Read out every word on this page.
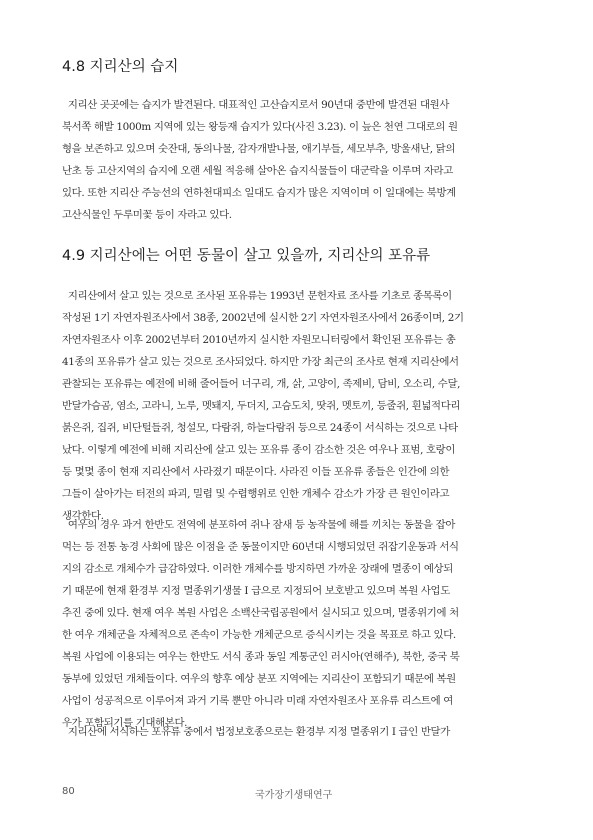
4.8 지리산의 습지
지리산 곳곳에는 습지가 발견된다. 대표적인 고산습지로서 90년대 중반에 발견된 대원사
북서쪽 해발 1000m 지역에 있는 왕등재 습지가 있다(사진 3.23). 이 늪은 천연 그대로의 원
형을 보존하고 있으며 숫잔대, 동의나물, 감자개발나물, 애기부들, 세모부추, 방울새난, 닭의
난초 등 고산지역의 습지에 오랜 세월 적응해 살아온 습지식물들이 대군락을 이루며 자라고
있다. 또한 지리산 주능선의 연하천대피소 일대도 습지가 많은 지역이며 이 일대에는 북방계
고산식물인 두루미꽃 등이 자라고 있다.
4.9 지리산에는 어떤 동물이 살고 있을까, 지리산의 포유류
지리산에서 살고 있는 것으로 조사된 포유류는 1993년 문헌자료 조사를 기초로 종목록이
작성된 1기 자연자원조사에서 38종, 2002년에 실시한 2기 자연자원조사에서 26종이며, 2기
자연자원조사 이후 2002년부터 2010년까지 실시한 자원모니터링에서 확인된 포유류는 총
41종의 포유류가 살고 있는 것으로 조사되었다. 하지만 가장 최근의 조사로 현재 지리산에서
관찰되는 포유류는 예전에 비해 줄어들어 너구리, 개, 삵, 고양이, 족제비, 담비, 오소리, 수달,
반달가슴곰, 염소, 고라니, 노루, 멧돼지, 두더지, 고슴도치, 땃쥐, 멧토끼, 등줄쥐, 흰넓적다리
붉은쥐, 집쥐, 비단털들쥐, 청설모, 다람쥐, 하늘다람쥐 등으로 24종이 서식하는 것으로 나타
났다. 이렇게 예전에 비해 지리산에 살고 있는 포유류 종이 감소한 것은 여우나 표범, 호랑이
등 몇몇 종이 현재 지리산에서 사라졌기 때문이다. 사라진 이들 포유류 종들은 인간에 의한
그들이 살아가는 터전의 파괴, 밀렵 및 수렵행위로 인한 개체수 감소가 가장 큰 원인이라고
생각한다.
여우의 경우 과거 한반도 전역에 분포하여 쥐나 잠새 등 농작물에 해를 끼치는 동물을 잡아
먹는 등 전통 농경 사회에 많은 이점을 준 동물이지만 60년대 시행되었던 쥐잡기운동과 서식
지의 감소로 개체수가 급감하였다. 이러한 개체수를 방지하면 가까운 장래에 멸종이 예상되
기 때문에 현재 환경부 지정 멸종위기생물 I 급으로 지정되어 보호받고 있으며 복원 사업도
추진 중에 있다. 현재 여우 복원 사업은 소백산국립공원에서 실시되고 있으며, 멸종위기에 처
한 여우 개체군을 자체적으로 존속이 가능한 개체군으로 증식시키는 것을 목표로 하고 있다.
복원 사업에 이용되는 여우는 한반도 서식 종과 동일 계통군인 러시아(연해주), 북한, 중국 북
동부에 있었던 개체들이다. 여우의 향후 예상 분포 지역에는 지리산이 포함되기 때문에 복원
사업이 성공적으로 이루어져 과거 기록 뿐만 아니라 미래 자연자원조사 포유류 리스트에 여
우가 포함되기를 기대해본다.
지리산에 서식하는 포유류 중에서 법정보호종으로는 환경부 지정 멸종위기 I 급인 반달가
80	국가장기생태연구
